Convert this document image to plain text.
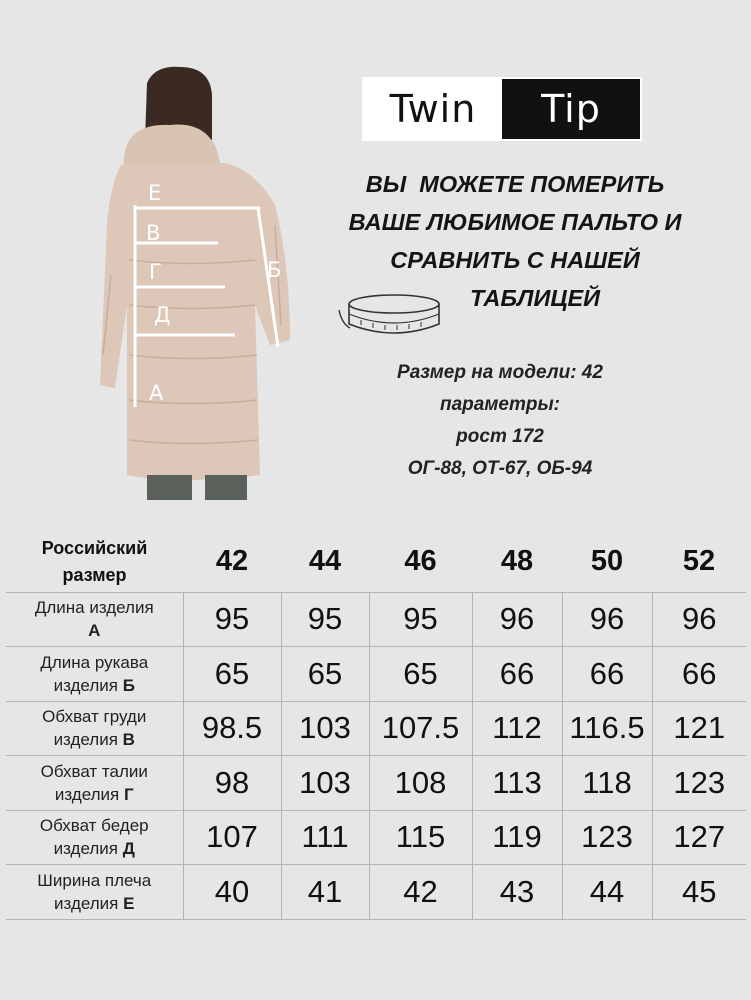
Е
В
Г
Д
Б
А
Twin	Tip
ВЫ  МОЖЕТЕ ПОМЕРИТЬ
ВАШЕ ЛЮБИМОЕ ПАЛЬТО И
СРАВНИТЬ С НАШЕЙ
ТАБЛИЦЕЙ
Размер на модели: 42
параметры:
рост 172
ОГ-88, ОТ-67, ОБ-94
Российский
размер	42	44	46	48	50	52

Длина изделия
А	95	95	95	96	96	96

Длина рукава
изделия Б	65	65	65	66	66	66

Обхват груди
изделия В	98.5	103	107.5	112	116.5	121

Обхват талии
изделия Г	98	103	108	113	118	123

Обхват бедер
изделия Д	107	111	115	119	123	127

Ширина плеча
изделия Е	40	41	42	43	44	45
